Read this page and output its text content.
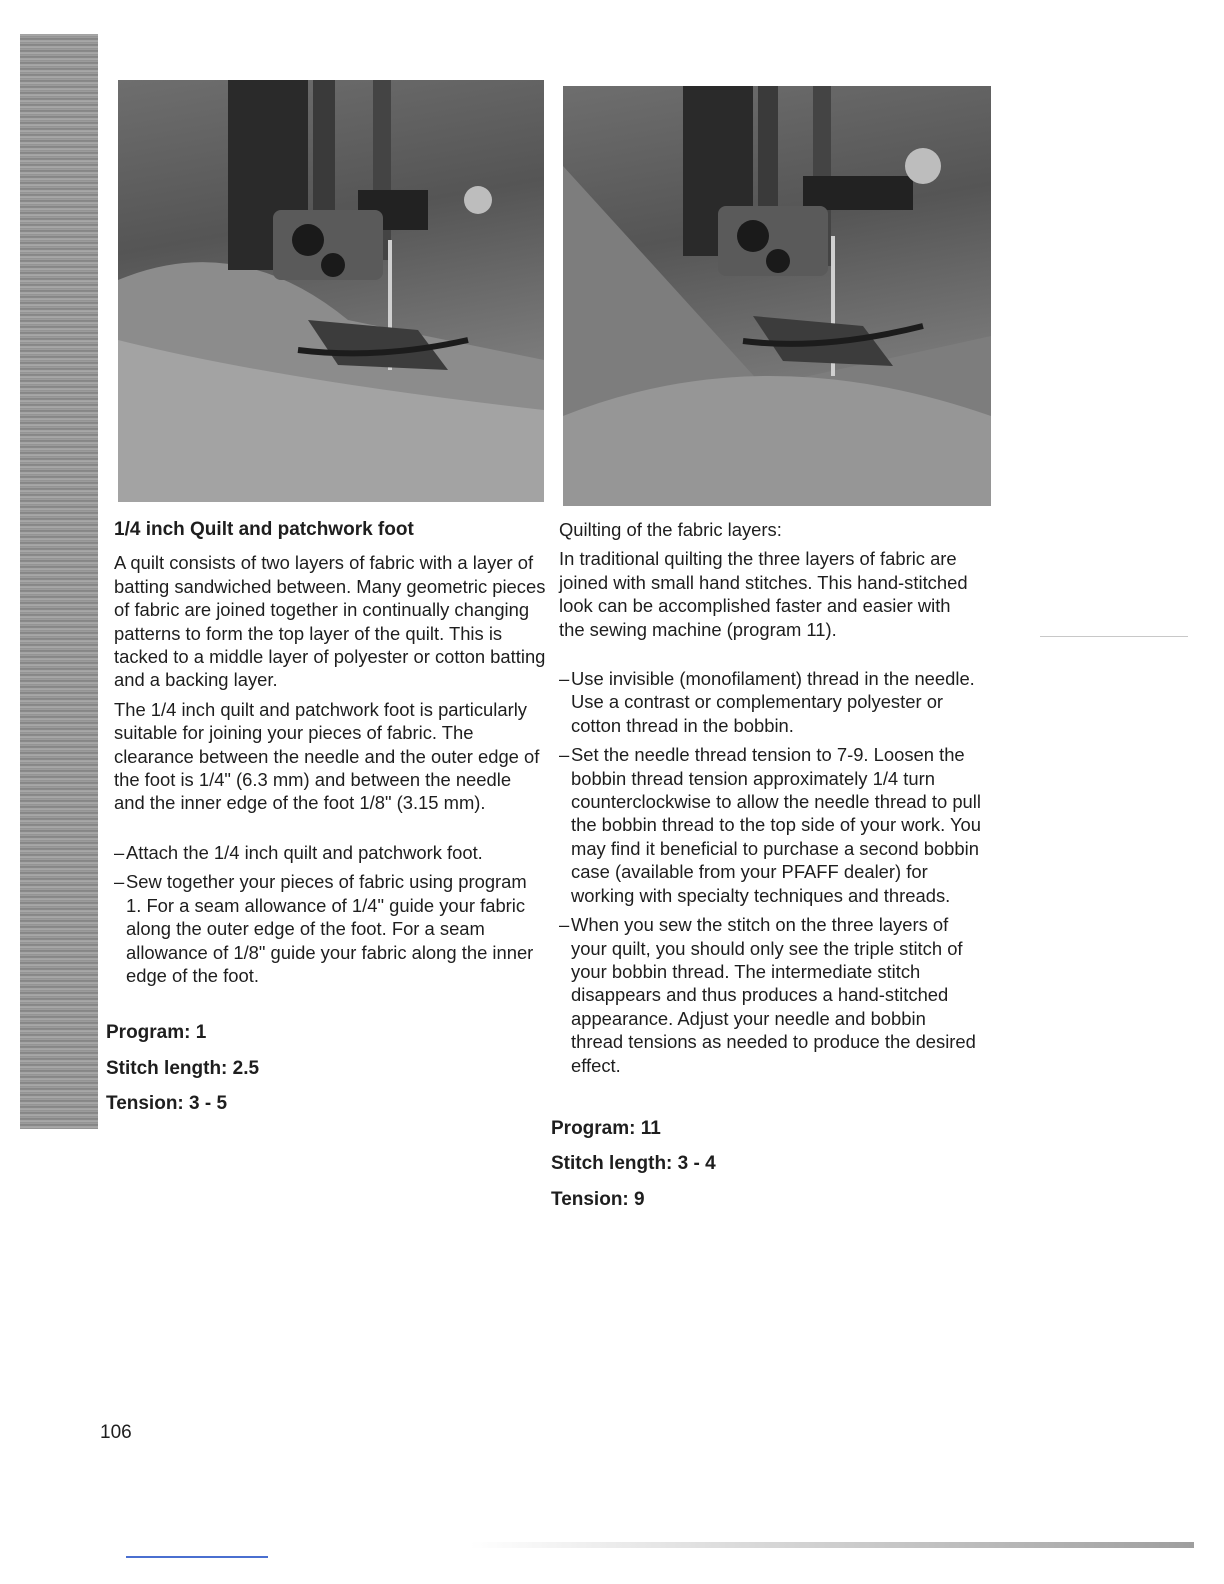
1/4 inch Quilt and patchwork foot

A quilt consists of two layers of fabric with a layer of batting sandwiched between. Many geometric pieces of fabric are joined together in continually changing patterns to form the top layer of the quilt. This is tacked to a middle layer of polyester or cotton batting and a backing layer.

The 1/4 inch quilt and patchwork foot is particularly suitable for joining your pieces of fabric. The clearance between the needle and the outer edge of the foot is 1/4" (6.3 mm) and between the needle and the inner edge of the foot 1/8" (3.15 mm).

– Attach the 1/4 inch quilt and patchwork foot.
– Sew together your pieces of fabric using program 1. For a seam allowance of 1/4" guide your fabric along the outer edge of the foot. For a seam allowance of 1/8" guide your fabric along the inner edge of the foot.
Program: 1
Stitch length: 2.5
Tension: 3 - 5

Quilting of the fabric layers:

In traditional quilting the three layers of fabric are joined with small hand stitches. This hand-stitched look can be accomplished faster and easier with the sewing machine (program 11).

– Use invisible (monofilament) thread in the needle. Use a contrast or complementary polyester or cotton thread in the bobbin.
– Set the needle thread tension to 7-9. Loosen the bobbin thread tension approximately 1/4 turn counterclockwise to allow the needle thread to pull the bobbin thread to the top side of your work. You may find it beneficial to purchase a second bobbin case (available from your PFAFF dealer) for working with specialty techniques and threads.
– When you sew the stitch on the three layers of your quilt, you should only see the triple stitch of your bobbin thread. The intermediate stitch disappears and thus produces a hand-stitched appearance. Adjust your needle and bobbin thread tensions as needed to produce the desired effect.
Program: 11
Stitch length: 3 - 4
Tension: 9
106
